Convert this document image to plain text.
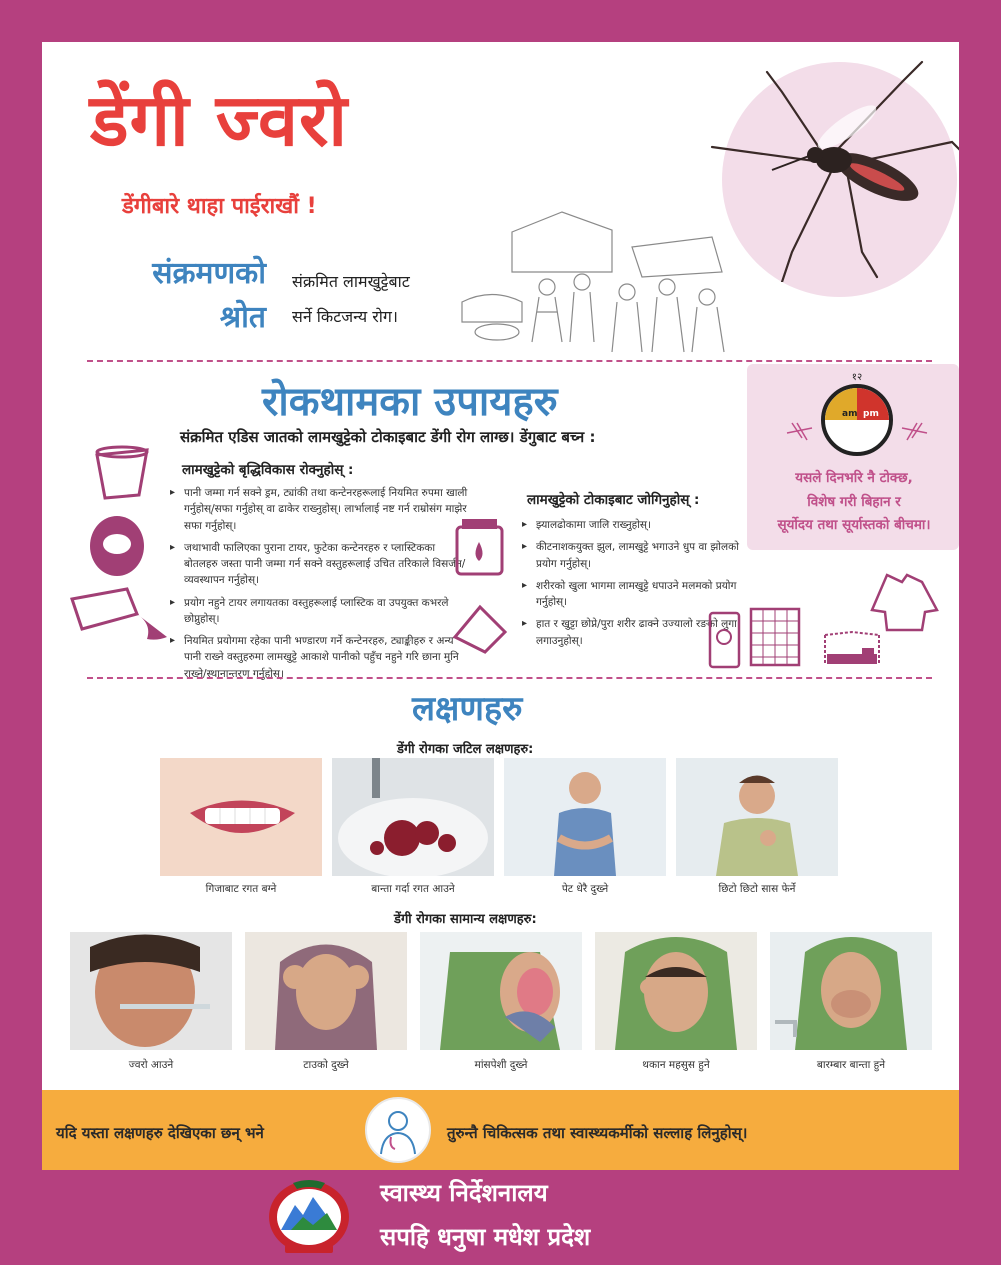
डेंगी ज्वरो
डेंगीबारे थाहा पाईराखौं !
संक्रमणको
श्रोत
संक्रमित लामखुट्टेबाट
सर्ने किटजन्य रोग।
रोकथामका उपायहरु
संक्रमित एडिस जातको लामखुट्टेको टोकाइबाट डेंगी रोग लाग्छ। डेंगुबाट बच्न :
लामखुट्टेको बृद्धिविकास रोक्नुहोस् :
▸ पानी जम्मा गर्न सक्ने ड्रम, ट्यांकी तथा कन्टेनरहरूलाई नियमित रुपमा खाली गर्नुहोस्/सफा गर्नुहोस् वा ढाकेर राख्नुहोस्। लार्भालाई नष्ट गर्न राम्रोसंग माझेर सफा गर्नुहोस्।
▸ जथाभावी फालिएका पुराना टायर, फुटेका कन्टेनरहरु र प्लास्टिकका बोतलहरु जस्ता पानी जम्मा गर्न सक्ने वस्तुहरूलाई उचित तरिकाले विसर्जन/व्यवस्थापन गर्नुहोस्।
▸ प्रयोग नहुने टायर लगायतका वस्तुहरूलाई प्लास्टिक वा उपयुक्त कभरले छोप्नुहोस्।
▸ नियमित प्रयोगमा रहेका पानी भण्डारण गर्ने कन्टेनरहरु, ट्याङ्कीहरु र अन्य पानी राख्ने वस्तुहरुमा लामखुट्टे आकाशे पानीको पहुँच नहुने गरि छाना मुनि राख्ने/स्थानान्तरण गर्नुहोस्।
लामखुट्टेको टोकाइबाट जोगिनुहोस् :
▸ झ्यालढोकामा जालि राख्नुहोस्।
▸ कीटनाशकयुक्त झुल, लामखुट्टे भगाउने धुप वा झोलको प्रयोग गर्नुहोस्।
▸ शरीरको खुला भागमा लामखुट्टे धपाउने मलमको प्रयोग गर्नुहोस्।
▸ हात र खुट्टा छोप्ने/पुरा शरीर ढाक्ने उज्यालो रङको लुगा लगाउनुहोस्।
१२
am pm
यसले दिनभरि नै टोक्छ,
विशेष गरी बिहान र
सूर्योदय तथा सूर्यास्तको बीचमा।
लक्षणहरु
डेंगी रोगका जटिल लक्षणहरु:
गिजाबाट रगत बग्ने	बान्ता गर्दा रगत आउने	पेट धेरै दुख्ने	छिटो छिटो सास फेर्ने
डेंगी रोगका सामान्य लक्षणहरु:
ज्वरो आउने	टाउको दुख्ने	मांसपेशी दुख्ने	थकान महसुस हुने	बारम्बार बान्ता हुने
यदि यस्ता लक्षणहरु देखिएका छन् भने	तुरुन्तै चिकित्सक तथा स्वास्थ्यकर्मीको सल्लाह लिनुहोस्।
स्वास्थ्य निर्देशनालय
सपहि धनुषा मधेश प्रदेश
